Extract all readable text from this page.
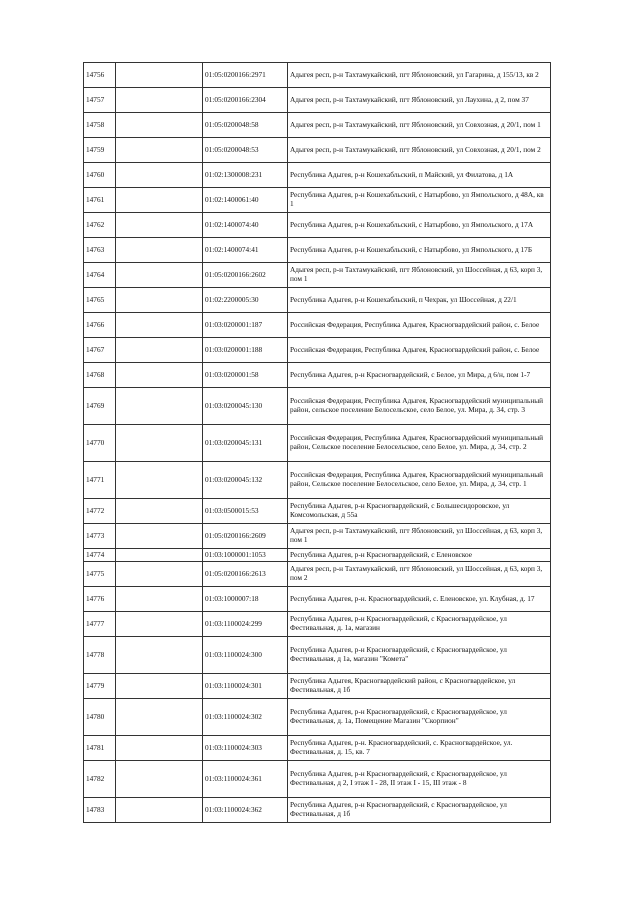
14756		01:05:0200166:2971	Адыгея респ, р-н Тахтамукайский, пгт Яблоновский, ул Гагарина, д 155/13, кв 2
14757		01:05:0200166:2304	Адыгея респ, р-н Тахтамукайский, пгт Яблоновский, ул Лаухина, д 2, пом 37
14758		01:05:0200048:58	Адыгея респ, р-н Тахтамукайский, пгт Яблоновский, ул Совхозная, д 20/1, пом 1
14759		01:05:0200048:53	Адыгея респ, р-н Тахтамукайский, пгт Яблоновский, ул Совхозная, д 20/1, пом 2
14760		01:02:1300008:231	Республика Адыгея, р-н Кошехабльский, п Майский, ул Филатова, д 1А
14761		01:02:1400061:40	Республика Адыгея, р-н Кошехабльский, с Натырбово, ул Ямпольского, д 48А, кв 1
14762		01:02:1400074:40	Республика Адыгея, р-н Кошехабльский, с Натырбово, ул Ямпольского, д 17А
14763		01:02:1400074:41	Республика Адыгея, р-н Кошехабльский, с Натырбово, ул Ямпольского, д 17Б
14764		01:05:0200166:2602	Адыгея респ, р-н Тахтамукайский, пгт Яблоновский, ул Шоссейная, д 63, корп 3, пом 1
14765		01:02:2200005:30	Республика Адыгея, р-н Кошехабльский, п Чехрак, ул Шоссейная, д 22/1
14766		01:03:0200001:187	Российская Федерация, Республика Адыгея, Красногвардейский район, с. Белое
14767		01:03:0200001:188	Российская Федерация, Республика Адыгея, Красногвардейский район, с. Белое
14768		01:03:0200001:58	Республика Адыгея, р-н Красногвардейский, с Белое, ул Мира, д 6/н, пом 1-7
14769		01:03:0200045:130	Российская Федерация, Республика Адыгея, Красногвардейский муниципальный район, сельское поселение Белосельское, село Белое, ул. Мира, д. 34, стр. 3
14770		01:03:0200045:131	Российская Федерация, Республика Адыгея, Красногвардейский муниципальный район, Сельское поселение Белосельское, село Белое, ул. Мира, д. 34, стр. 2
14771		01:03:0200045:132	Российская Федерация, Республика Адыгея, Красногвардейский муниципальный район, Сельское поселение Белосельское, село Белое, ул. Мира, д. 34, стр. 1
14772		01:03:0500015:53	Республика Адыгея, р-н Красногвардейский, с Большесидоровское, ул Комсомольская, д 55а
14773		01:05:0200166:2609	Адыгея респ, р-н Тахтамукайский, пгт Яблоновский, ул Шоссейная, д 63, корп 3, пом 1
14774		01:03:1000001:1053	Республика Адыгея, р-н Красногвардейский, с Еленовское
14775		01:05:0200166:2613	Адыгея респ, р-н Тахтамукайский, пгт Яблоновский, ул Шоссейная, д 63, корп 3, пом 2
14776		01:03:1000007:18	Республика Адыгея, р-н. Красногвардейский, с. Еленовское, ул. Клубная, д. 17
14777		01:03:1100024:299	Республика Адыгея, р-н Красногвардейский, с Красногвардейское, ул Фестивальная, д. 1а, магазин
14778		01:03:1100024:300	Республика Адыгея, р-н Красногвардейский, с Красногвардейское, ул Фестивальная, д 1а, магазин "Комета"
14779		01:03:1100024:301	Республика Адыгея, Красногвардейский район, с Красногвардейское, ул Фестивальная, д 1б
14780		01:03:1100024:302	Республика Адыгея, р-н Красногвардейский, с Красногвардейское, ул Фестивальная, д. 1а, Помещение Магазин "Скорпион"
14781		01:03:1100024:303	Республика Адыгея, р-н. Красногвардейский, с. Красногвардейское, ул. Фестивальная, д. 15, кв. 7
14782		01:03:1100024:361	Республика Адыгея, р-н Красногвардейский, с Красногвардейское, ул Фестивальная, д 2, I этаж I - 28, II этаж I - 15, III этаж - 8
14783		01:03:1100024:362	Республика Адыгея, р-н Красногвардейский, с Красногвардейское, ул Фестивальная, д 1б
